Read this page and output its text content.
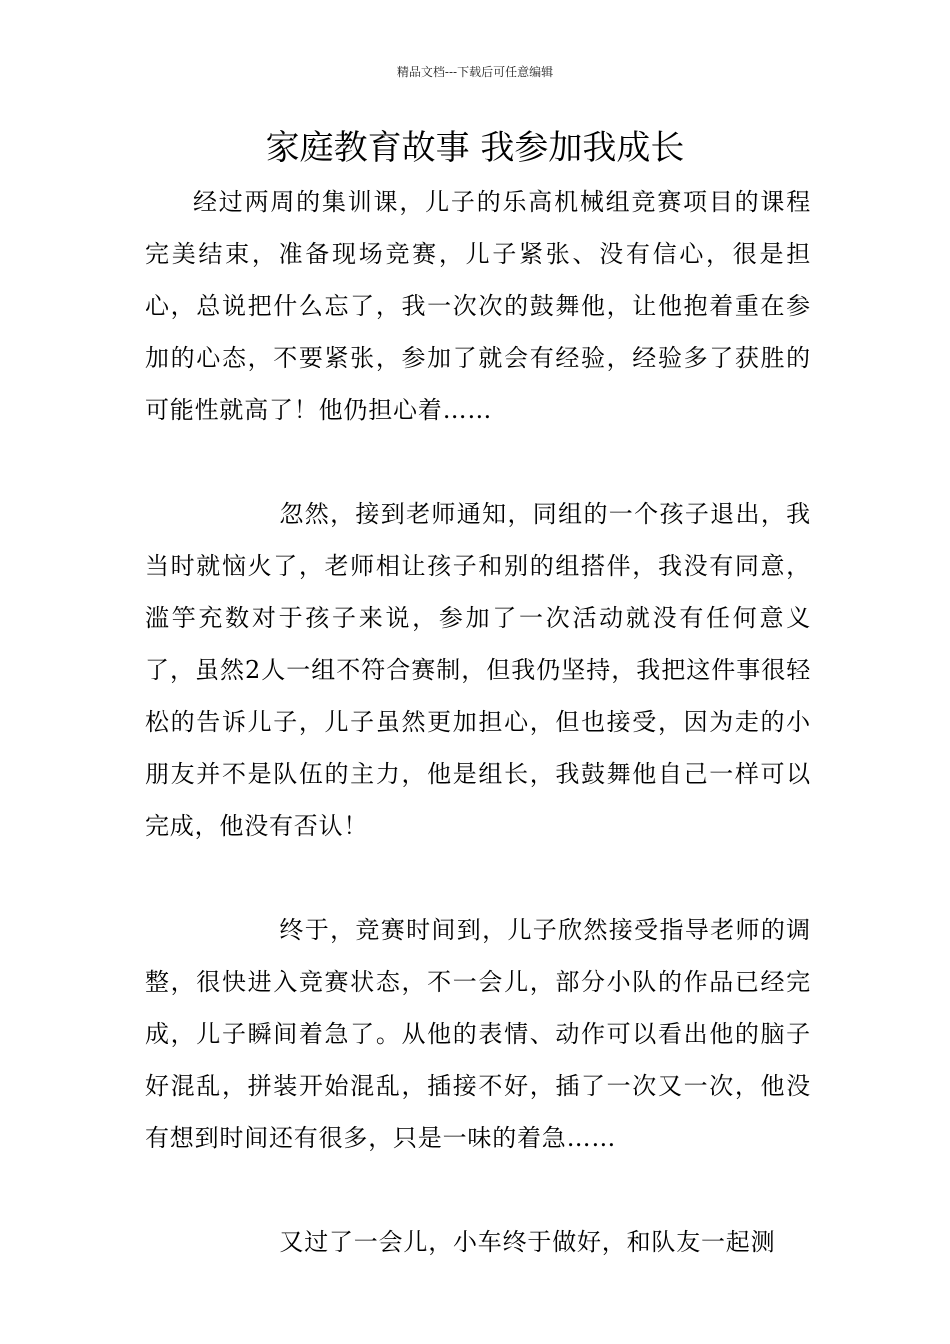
精品文档---下载后可任意编辑
家庭教育故事 我参加我成长

经过两周的集训课，儿子的乐高机械组竞赛项目的课程完美结束，准备现场竞赛，儿子紧张、没有信心，很是担心，总说把什么忘了，我一次次的鼓舞他，让他抱着重在参加的心态，不要紧张，参加了就会有经验，经验多了获胜的可能性就高了！他仍担心着……

忽然，接到老师通知，同组的一个孩子退出，我当时就恼火了，老师相让孩子和别的组搭伴，我没有同意，滥竽充数对于孩子来说，参加了一次活动就没有任何意义了，虽然2人一组不符合赛制，但我仍坚持，我把这件事很轻松的告诉儿子，儿子虽然更加担心，但也接受，因为走的小朋友并不是队伍的主力，他是组长，我鼓舞他自己一样可以完成，他没有否认！

终于，竞赛时间到，儿子欣然接受指导老师的调整，很快进入竞赛状态，不一会儿，部分小队的作品已经完成，儿子瞬间着急了。从他的表情、动作可以看出他的脑子好混乱，拼装开始混乱，插接不好，插了一次又一次，他没有想到时间还有很多，只是一味的着急……

又过了一会儿，小车终于做好，和队友一起测
